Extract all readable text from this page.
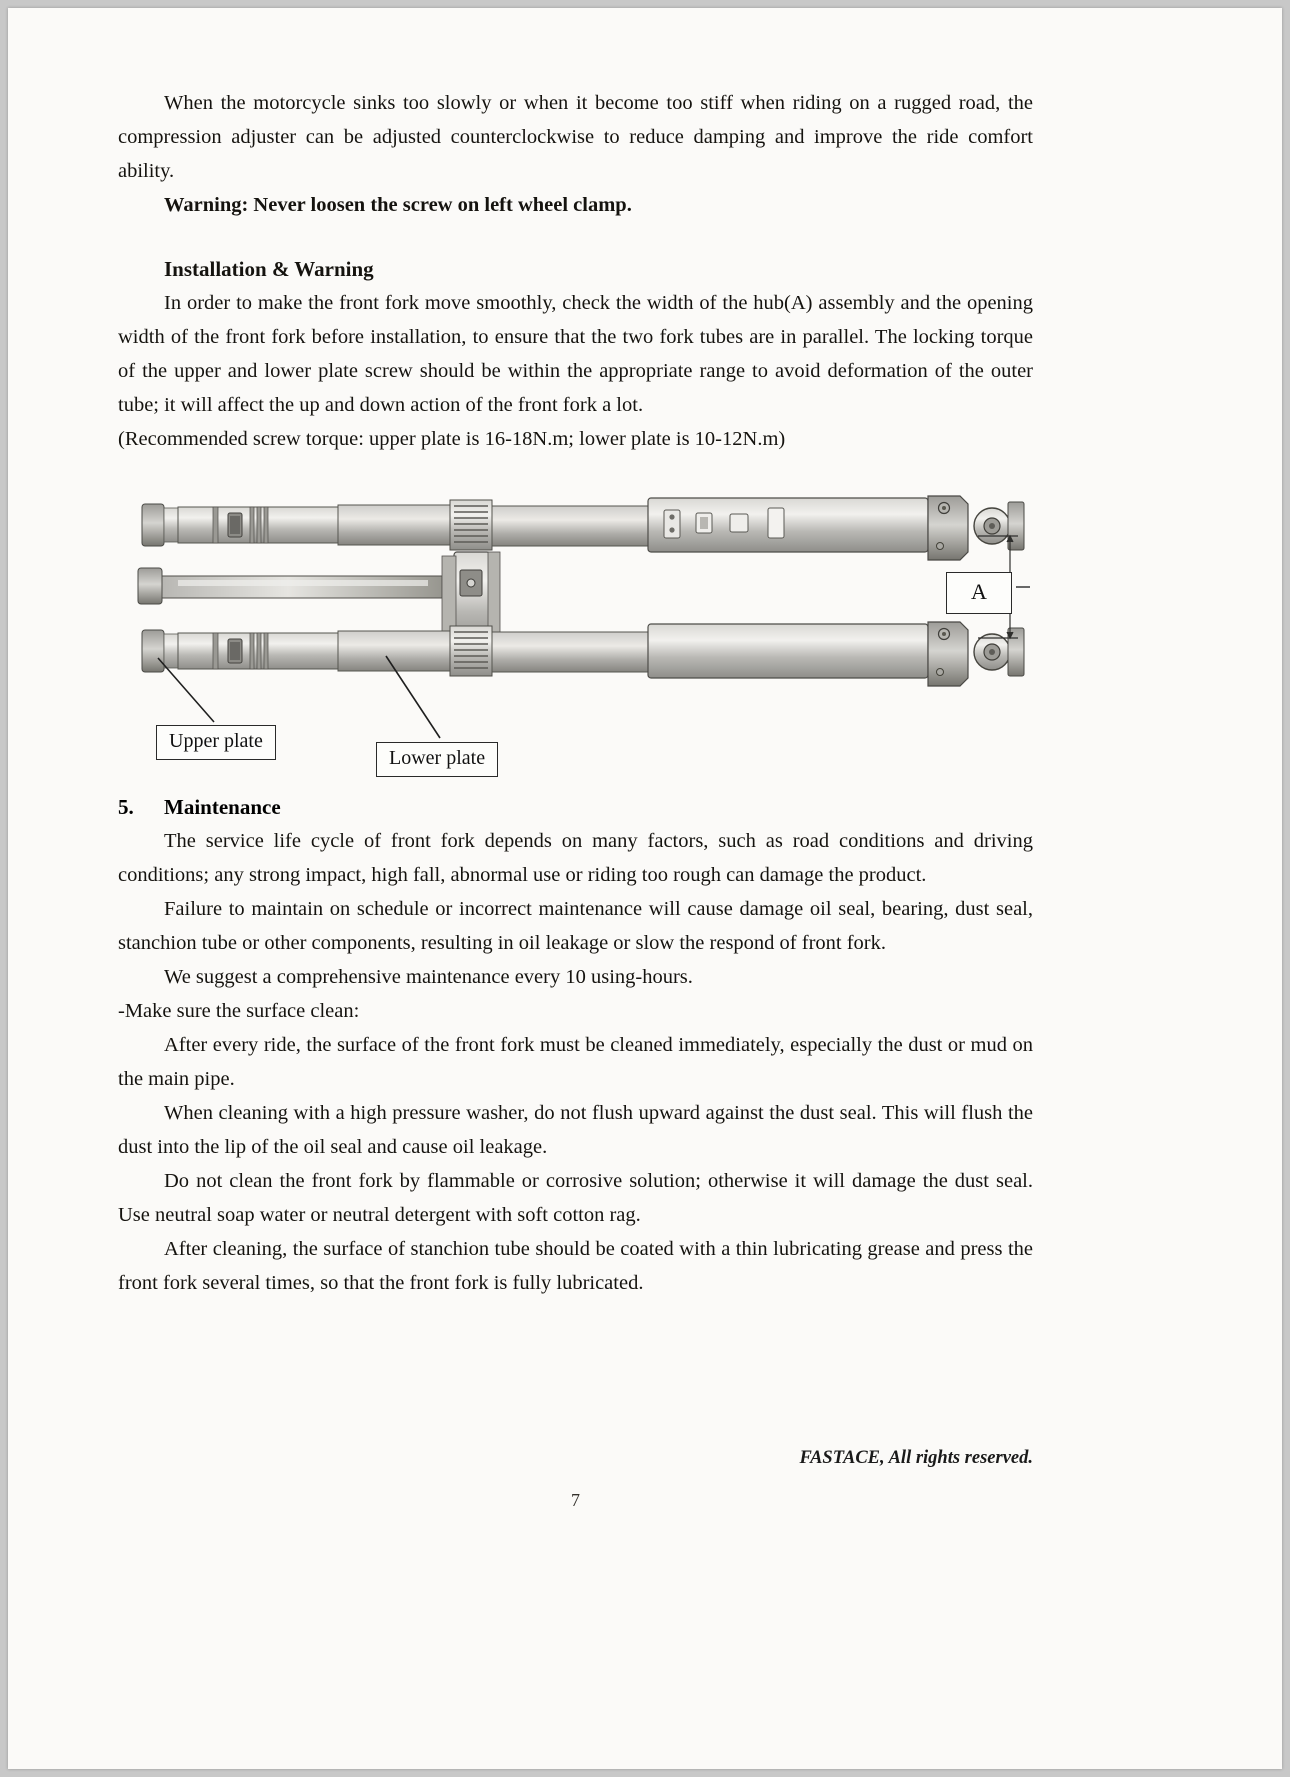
When the motorcycle sinks too slowly or when it become too stiff when riding on a rugged road, the compression adjuster can be adjusted counterclockwise to reduce damping and improve the ride comfort ability.

Warning: Never loosen the screw on left wheel clamp.

Installation & Warning

In order to make the front fork move smoothly, check the width of the hub(A) assembly and the opening width of the front fork before installation, to ensure that the two fork tubes are in parallel. The locking torque of the upper and lower plate screw should be within the appropriate range to avoid deformation of the outer tube; it will affect the up and down action of the front fork a lot.

(Recommended screw torque: upper plate is 16-18N.m; lower plate is 10-12N.m)

Upper plate
Lower plate
A
5.	Maintenance

The service life cycle of front fork depends on many factors, such as road conditions and driving conditions; any strong impact, high fall, abnormal use or riding too rough can damage the product.

Failure to maintain on schedule or incorrect maintenance will cause damage oil seal, bearing, dust seal, stanchion tube or other components, resulting in oil leakage or slow the respond of front fork.

We suggest a comprehensive maintenance every 10 using-hours.

-Make sure the surface clean:

After every ride, the surface of the front fork must be cleaned immediately, especially the dust or mud on the main pipe.

When cleaning with a high pressure washer, do not flush upward against the dust seal. This will flush the dust into the lip of the oil seal and cause oil leakage.

Do not clean the front fork by flammable or corrosive solution; otherwise it will damage the dust seal. Use neutral soap water or neutral detergent with soft cotton rag.

After cleaning, the surface of stanchion tube should be coated with a thin lubricating grease and press the front fork several times, so that the front fork is fully lubricated.

FASTACE, All rights reserved.
7
